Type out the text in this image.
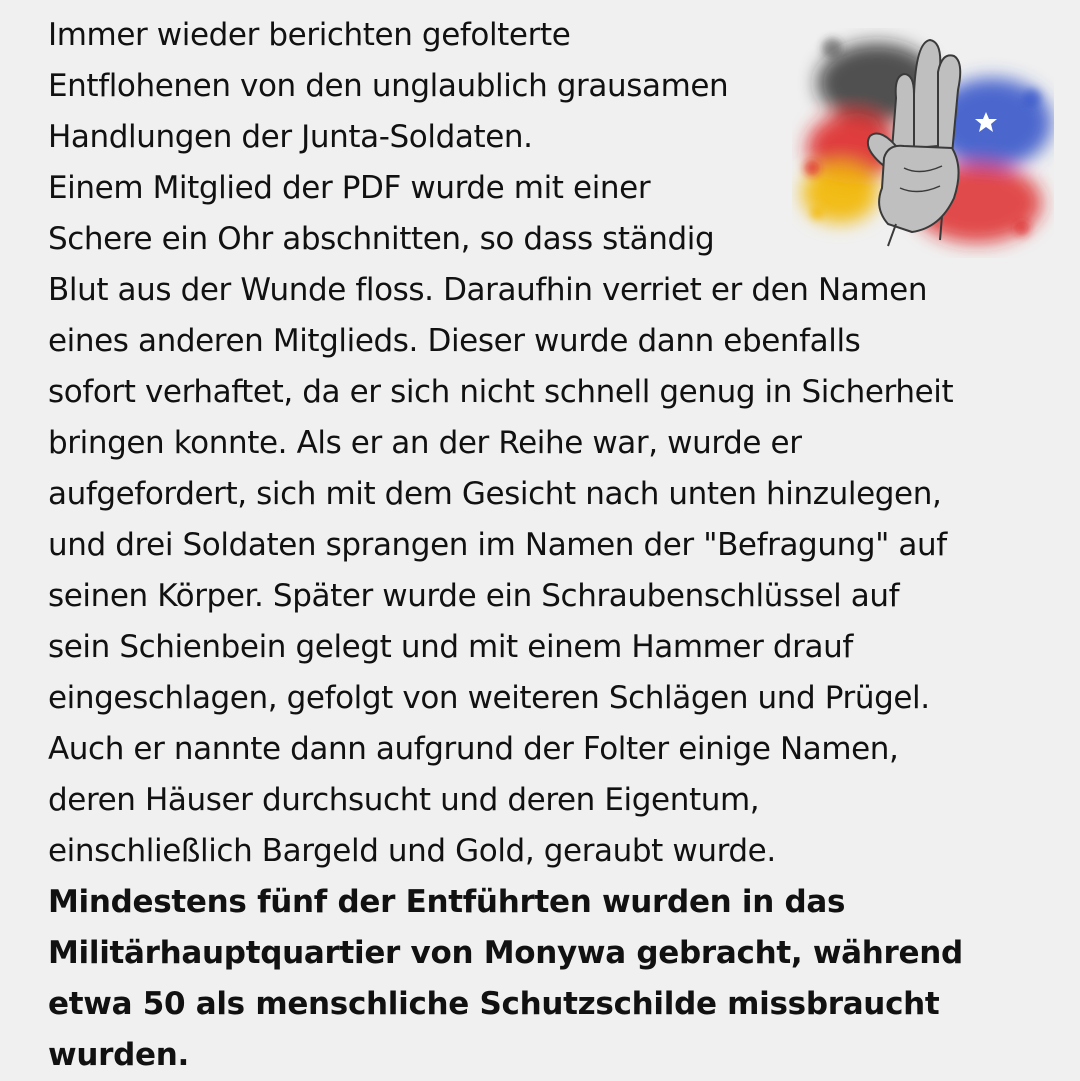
Immer wieder berichten gefolterte
Entflohenen von den unglaublich grausamen
Handlungen der Junta-Soldaten.
Einem Mitglied der PDF wurde mit einer
Schere ein Ohr abschnitten, so dass ständig
Blut aus der Wunde floss. Daraufhin verriet er den Namen
eines anderen Mitglieds. Dieser wurde dann ebenfalls
sofort verhaftet, da er sich nicht schnell genug in Sicherheit
bringen konnte. Als er an der Reihe war, wurde er
aufgefordert, sich mit dem Gesicht nach unten hinzulegen,
und drei Soldaten sprangen im Namen der "Befragung" auf
seinen Körper. Später wurde ein Schraubenschlüssel auf
sein Schienbein gelegt und mit einem Hammer drauf
eingeschlagen, gefolgt von weiteren Schlägen und Prügel.
Auch er nannte dann aufgrund der Folter einige Namen,
deren Häuser durchsucht und deren Eigentum,
einschließlich Bargeld und Gold, geraubt wurde.
Mindestens fünf der Entführten wurden in das
Militärhauptquartier von Monywa gebracht, während
etwa 50 als menschliche Schutzschilde missbraucht
wurden.
